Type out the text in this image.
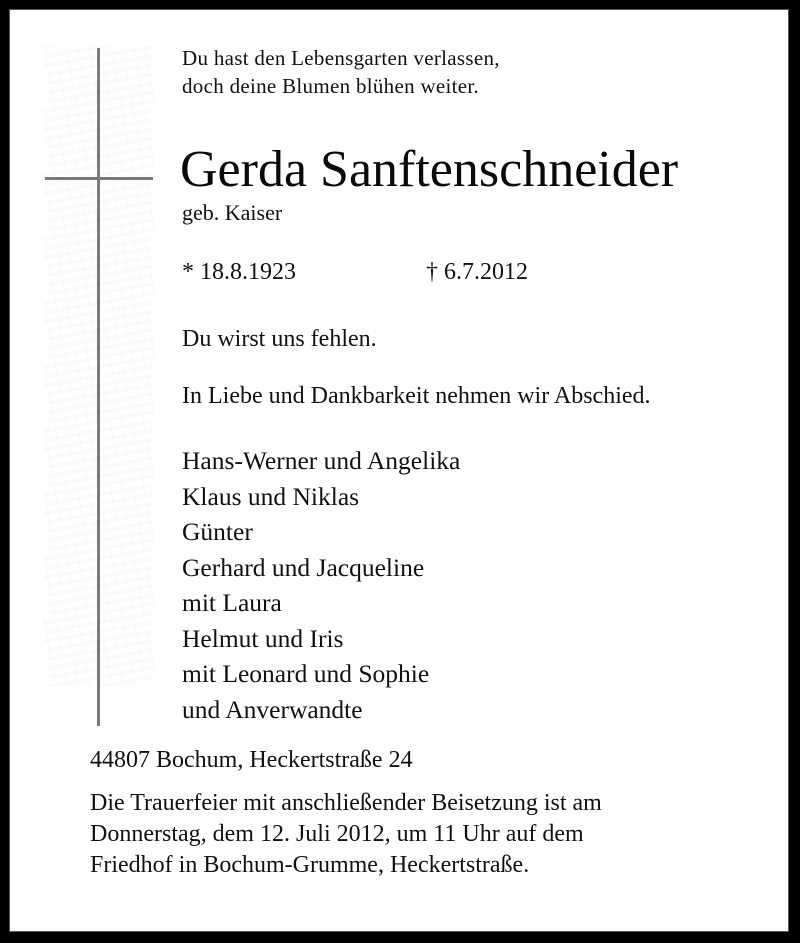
Du hast den Lebensgarten verlassen,
doch deine Blumen blühen weiter.
Gerda Sanftenschneider
geb. Kaiser
* 18.8.1923	† 6.7.2012
Du wirst uns fehlen.
In Liebe und Dankbarkeit nehmen wir Abschied.
Hans-Werner und Angelika
Klaus und Niklas
Günter
Gerhard und Jacqueline
mit Laura
Helmut und Iris
mit Leonard und Sophie
und Anverwandte
44807 Bochum, Heckertstraße 24
Die Trauerfeier mit anschließender Beisetzung ist am
Donnerstag, dem 12. Juli 2012, um 11 Uhr auf dem
Friedhof in Bochum-Grumme, Heckertstraße.
